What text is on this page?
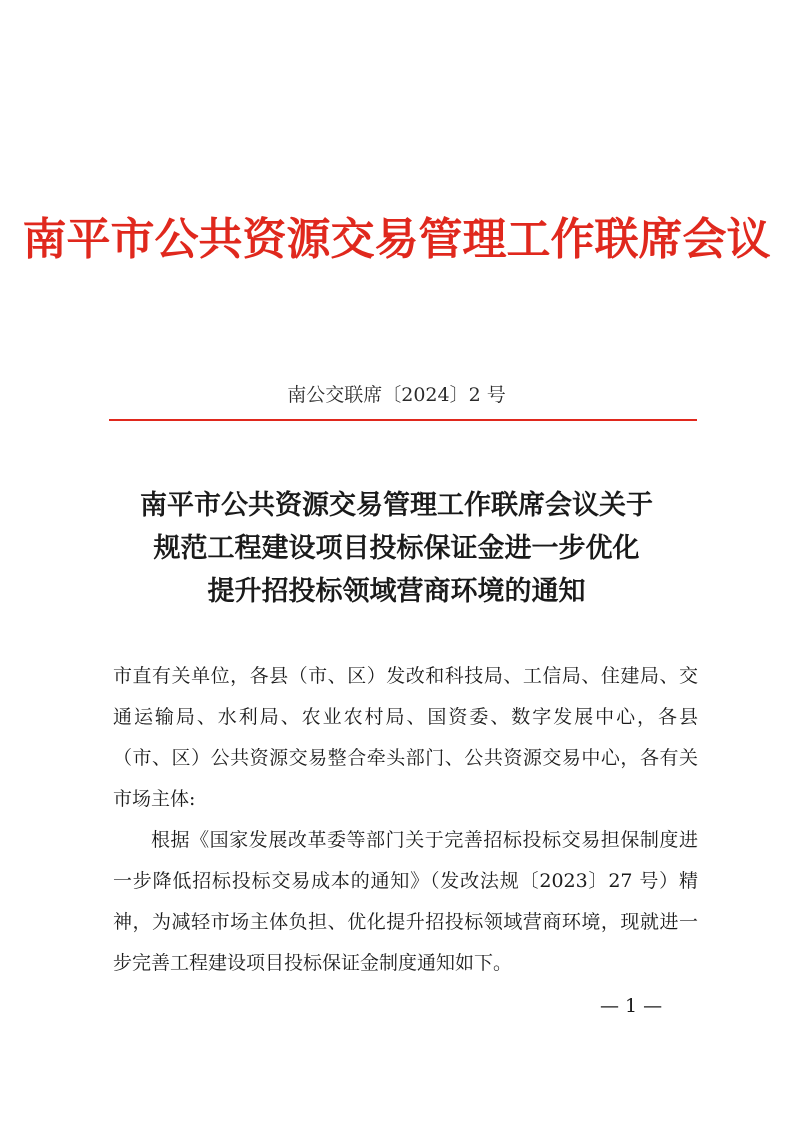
南平市公共资源交易管理工作联席会议
南公交联席〔2024〕2 号
南平市公共资源交易管理工作联席会议关于
规范工程建设项目投标保证金进一步优化
提升招投标领域营商环境的通知

市直有关单位，各县（市、区）发改和科技局、工信局、住建局、交通运输局、水利局、农业农村局、国资委、数字发展中心，各县（市、区）公共资源交易整合牵头部门、公共资源交易中心，各有关市场主体:

根据《国家发展改革委等部门关于完善招标投标交易担保制度进一步降低招标投标交易成本的通知》（发改法规〔2023〕27 号）精神，为减轻市场主体负担、优化提升招投标领域营商环境，现就进一步完善工程建设项目投标保证金制度通知如下。

— 1 —
